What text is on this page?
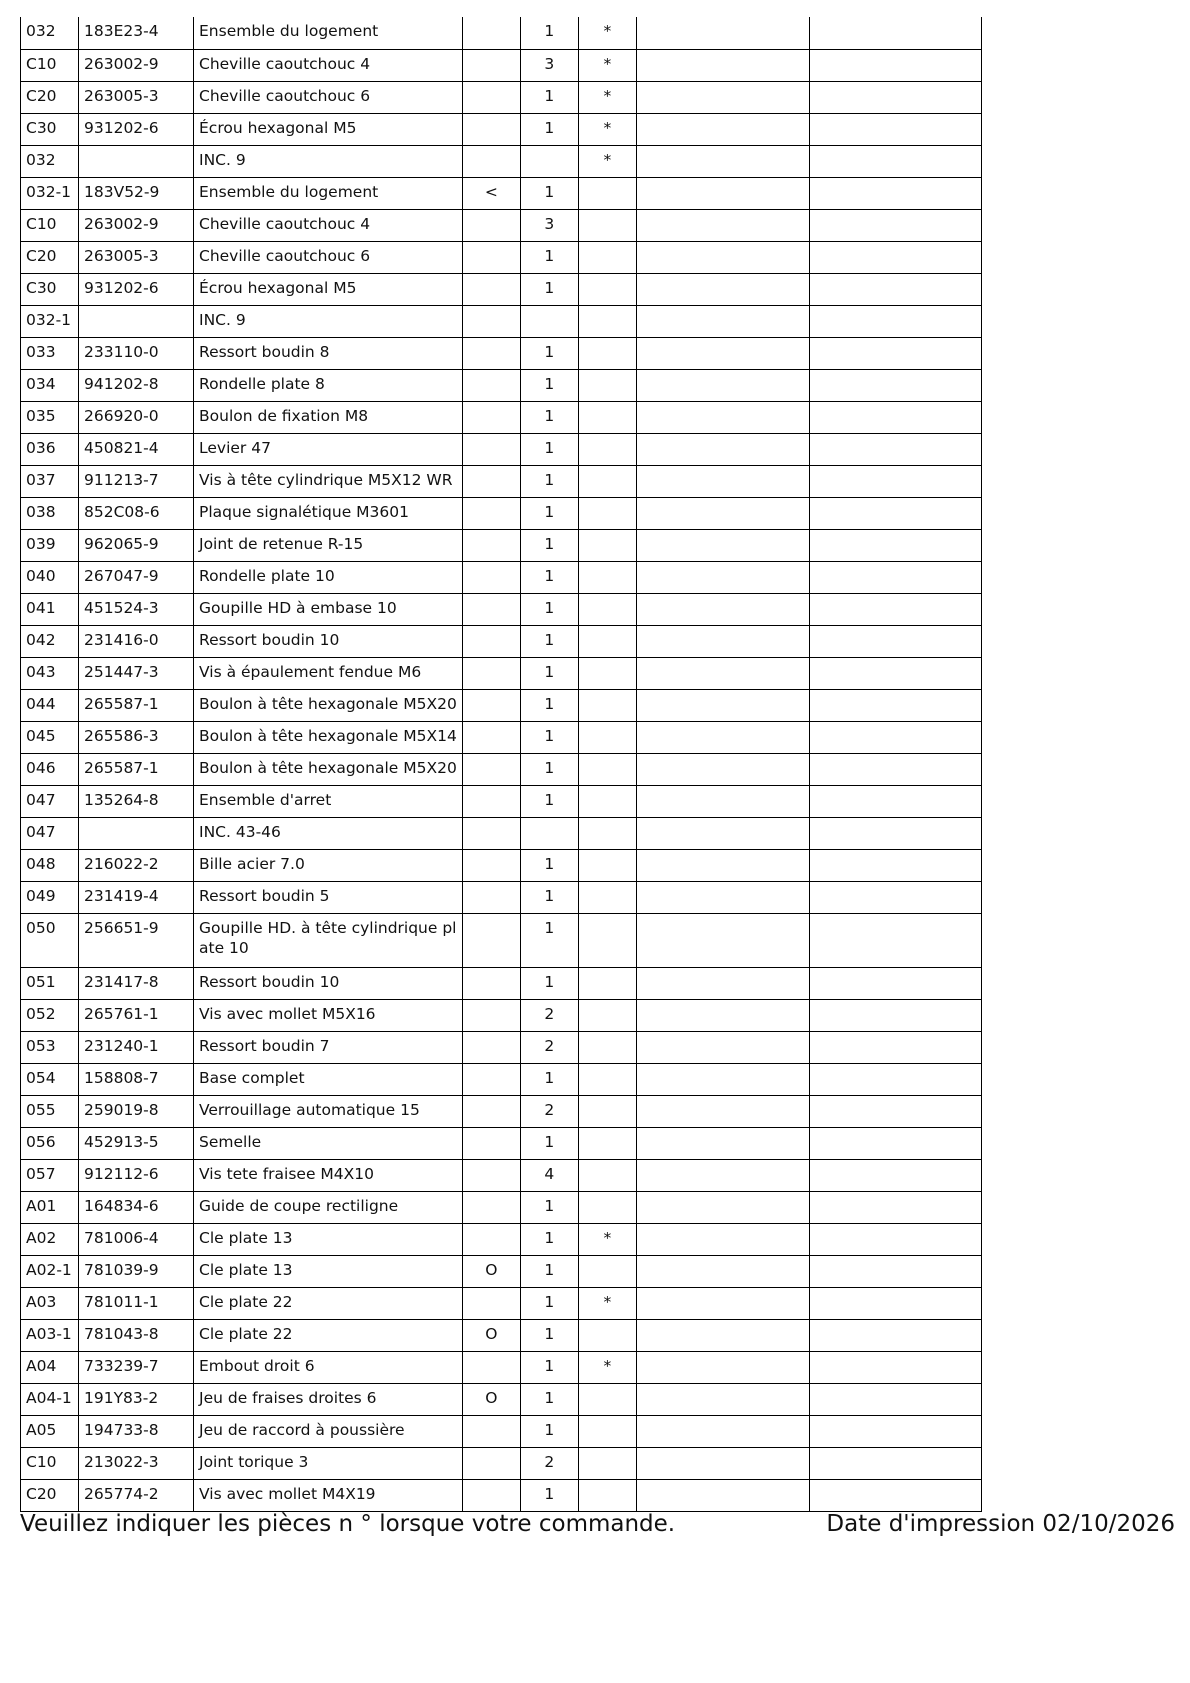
032	183E23-4	Ensemble du logement		1	*		
C10	263002-9	Cheville caoutchouc 4		3	*		
C20	263005-3	Cheville caoutchouc 6		1	*		
C30	931202-6	Écrou hexagonal M5		1	*		
032		INC. 9			*		
032-1	183V52-9	Ensemble du logement	<	1			
C10	263002-9	Cheville caoutchouc 4		3			
C20	263005-3	Cheville caoutchouc 6		1			
C30	931202-6	Écrou hexagonal M5		1			
032-1		INC. 9					
033	233110-0	Ressort boudin 8		1			
034	941202-8	Rondelle plate 8		1			
035	266920-0	Boulon de fixation M8		1			
036	450821-4	Levier 47		1			
037	911213-7	Vis à tête cylindrique M5X12 WR		1			
038	852C08-6	Plaque signalétique M3601		1			
039	962065-9	Joint de retenue R-15		1			
040	267047-9	Rondelle plate 10		1			
041	451524-3	Goupille HD à embase 10		1			
042	231416-0	Ressort boudin 10		1			
043	251447-3	Vis à épaulement fendue M6		1			
044	265587-1	Boulon à tête hexagonale M5X20		1			
045	265586-3	Boulon à tête hexagonale M5X14		1			
046	265587-1	Boulon à tête hexagonale M5X20		1			
047	135264-8	Ensemble d'arret		1			
047		INC. 43-46					
048	216022-2	Bille acier 7.0		1			
049	231419-4	Ressort boudin 5		1			
050	256651-9	Goupille HD. à tête cylindrique plate 10		1			
051	231417-8	Ressort boudin 10		1			
052	265761-1	Vis avec mollet M5X16		2			
053	231240-1	Ressort boudin 7		2			
054	158808-7	Base complet		1			
055	259019-8	Verrouillage automatique 15		2			
056	452913-5	Semelle		1			
057	912112-6	Vis tete fraisee M4X10		4			
A01	164834-6	Guide de coupe rectiligne		1			
A02	781006-4	Cle plate 13		1	*		
A02-1	781039-9	Cle plate 13	O	1			
A03	781011-1	Cle plate 22		1	*		
A03-1	781043-8	Cle plate 22	O	1			
A04	733239-7	Embout droit 6		1	*		
A04-1	191Y83-2	Jeu de fraises droites 6	O	1			
A05	194733-8	Jeu de raccord à poussière		1			
C10	213022-3	Joint torique 3		2			
C20	265774-2	Vis avec mollet M4X19		1			
Veuillez indiquer les pièces n ° lorsque votre commande.	Date d'impression 02/10/2026
